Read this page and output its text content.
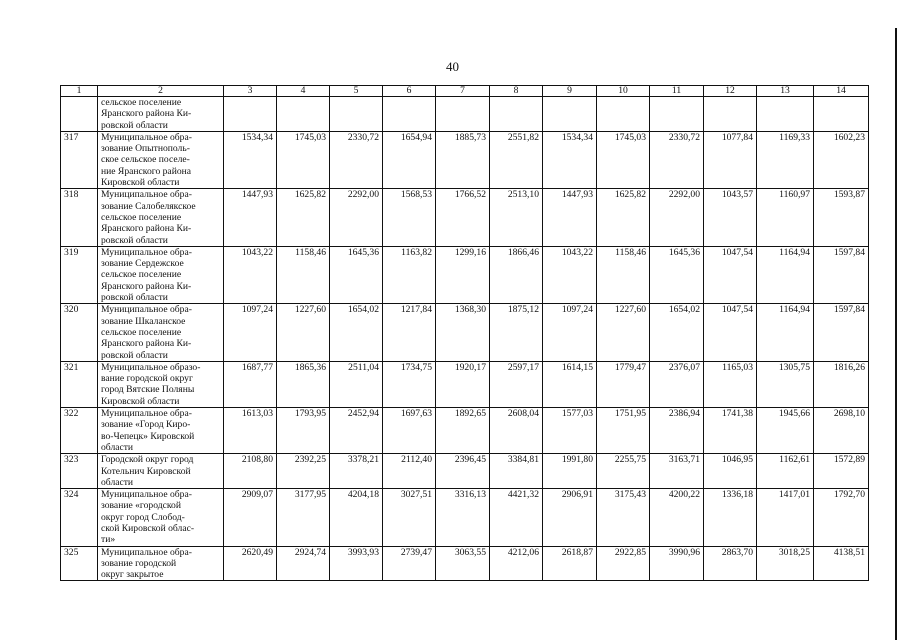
40
1	2	3	4	5	6	7	8	9	10	11	12	13	14

	сельское поселение
Яранского района Ки-
ровской области												

317	Муниципальное обра-
зование Опытнополь-
ское сельское поселе-
ние Яранского района
Кировской области	1534,34	1745,03	2330,72	1654,94	1885,73	2551,82	1534,34	1745,03	2330,72	1077,84	1169,33	1602,23
318	Муниципальное обра-
зование Салобелякское
сельское поселение
Яранского района Ки-
ровской области	1447,93	1625,82	2292,00	1568,53	1766,52	2513,10	1447,93	1625,82	2292,00	1043,57	1160,97	1593,87
319	Муниципальное обра-
зование Сердежское
сельское поселение
Яранского района Ки-
ровской области	1043,22	1158,46	1645,36	1163,82	1299,16	1866,46	1043,22	1158,46	1645,36	1047,54	1164,94	1597,84
320	Муниципальное обра-
зование Шкаланское
сельское поселение
Яранского района Ки-
ровской области	1097,24	1227,60	1654,02	1217,84	1368,30	1875,12	1097,24	1227,60	1654,02	1047,54	1164,94	1597,84
321	Муниципальное образо-
вание городской округ
город Вятские Поляны
Кировской области	1687,77	1865,36	2511,04	1734,75	1920,17	2597,17	1614,15	1779,47	2376,07	1165,03	1305,75	1816,26
322	Муниципальное обра-
зование «Город Киро-
во-Чепецк» Кировской
области	1613,03	1793,95	2452,94	1697,63	1892,65	2608,04	1577,03	1751,95	2386,94	1741,38	1945,66	2698,10
323	Городской округ город
Котельнич Кировской
области	2108,80	2392,25	3378,21	2112,40	2396,45	3384,81	1991,80	2255,75	3163,71	1046,95	1162,61	1572,89
324	Муниципальное обра-
зование «городской
округ город Слобод-
ской Кировской облас-
ти»	2909,07	3177,95	4204,18	3027,51	3316,13	4421,32	2906,91	3175,43	4200,22	1336,18	1417,01	1792,70
325	Муниципальное обра-
зование городской
округ закрытое	2620,49	2924,74	3993,93	2739,47	3063,55	4212,06	2618,87	2922,85	3990,96	2863,70	3018,25	4138,51
